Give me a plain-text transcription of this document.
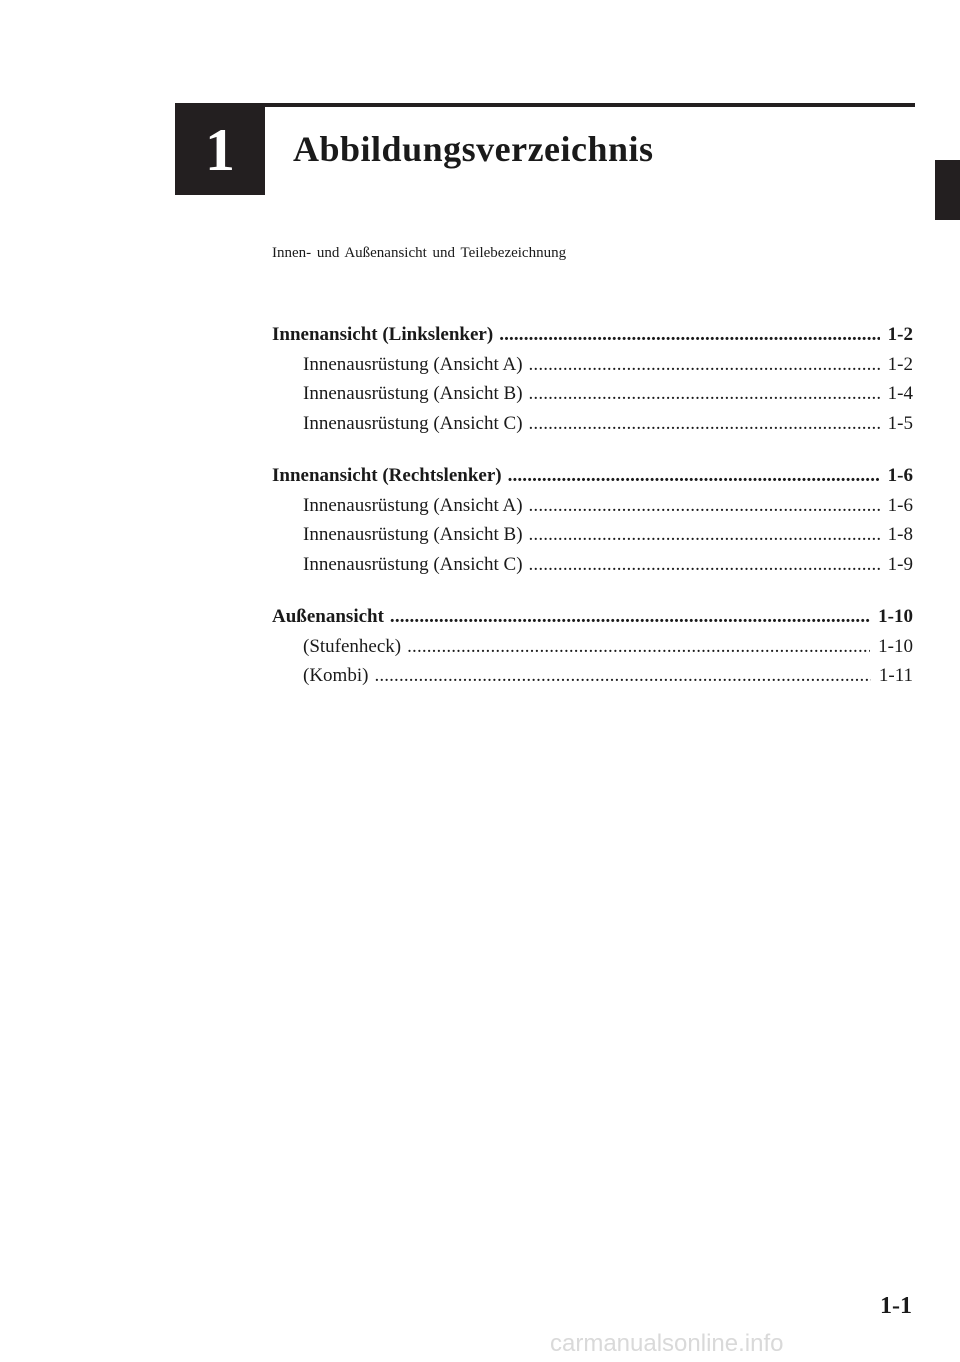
1 Abbildungsverzeichnis
Innen- und Außenansicht und Teilebezeichnung
Innenansicht (Linkslenker) . . .	1-2
Innenausrüstung (Ansicht A) . . .	1-2
Innenausrüstung (Ansicht B) . . .	1-4
Innenausrüstung (Ansicht C) . . .	1-5
Innenansicht (Rechtslenker) . . .	1-6
Innenausrüstung (Ansicht A) . . .	1-6
Innenausrüstung (Ansicht B) . . .	1-8
Innenausrüstung (Ansicht C) . . .	1-9
Außenansicht . . .	1-10
(Stufenheck) . . .	1-10
(Kombi) . . .	1-11
1-1
carmanualsonline.info
